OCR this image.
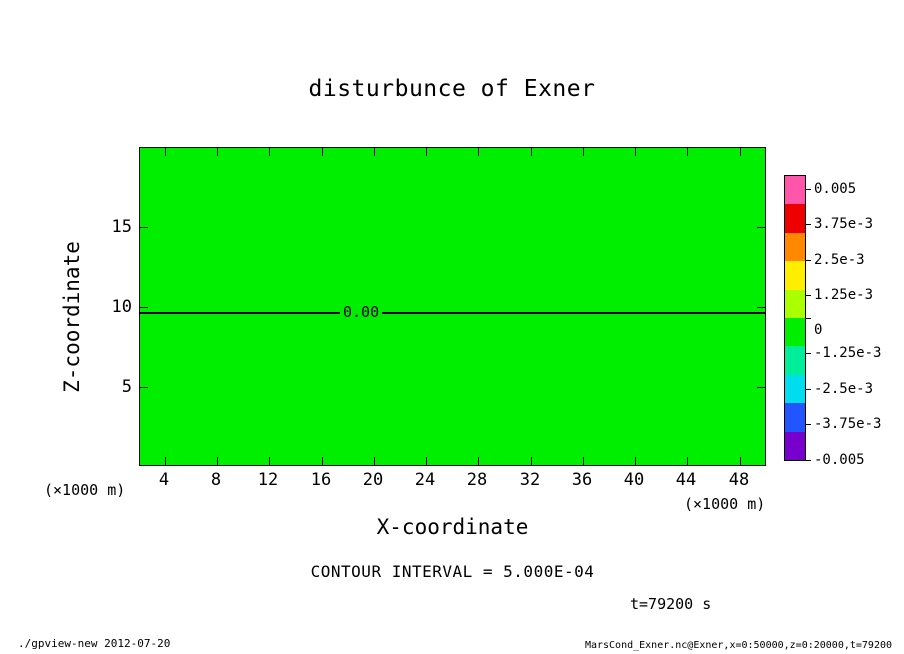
disturbunce of Exner
0.00
4	8	12	16	20	24	28	32	36	40	44	48
5
10
15
X-coordinate
Z-coordinate
(×1000 m)
(×1000 m)
CONTOUR INTERVAL = 5.000E-04
t=79200 s
0.005
3.75e-3
2.5e-3
1.25e-3
0
-1.25e-3
-2.5e-3
-3.75e-3
-0.005
./gpview-new 2012-07-20	MarsCond_Exner.nc@Exner,x=0:50000,z=0:20000,t=79200
